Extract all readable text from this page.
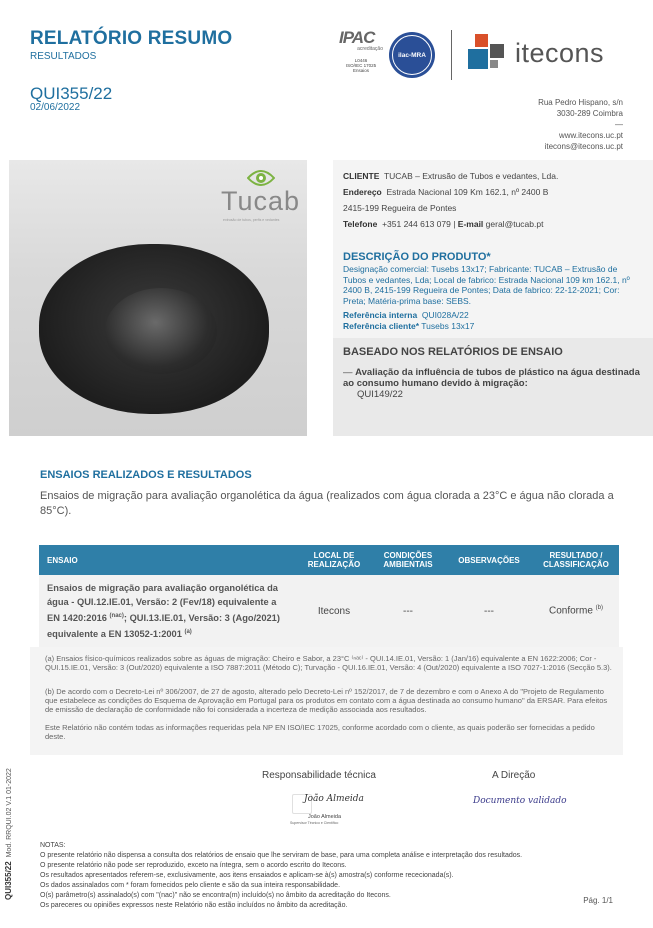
RELATÓRIO RESUMO
RESULTADOS
QUI355/22
02/06/2022
IPAC
acreditação
L0446
ISO/IEC 17025
Ensaios
ilac-MRA	itecons
Rua Pedro Hispano, s/n
3030-289 Coimbra
—
www.itecons.uc.pt
itecons@itecons.uc.pt
Tucab
extrusão de tubos, perfis e vedantes
CLIENTE TUCAB – Extrusão de Tubos e vedantes, Lda.
Endereço Estrada Nacional 109 Km 162.1, nº 2400 B
2415-199 Regueira de Pontes
Telefone +351 244 613 079 | E-mail geral@tucab.pt
DESCRIÇÃO DO PRODUTO*
Designação comercial: Tusebs 13x17; Fabricante: TUCAB – Extrusão de Tubos e vedantes, Lda; Local de fabrico: Estrada Nacional 109 km 162.1, nº 2400 B, 2415-199 Regueira de Pontes; Data de fabrico: 22-12-2021; Cor: Preta; Matéria-prima base: SEBS.
Referência interna QUI028A/22
Referência cliente* Tusebs 13x17
BASEADO NOS RELATÓRIOS DE ENSAIO
— Avaliação da influência de tubos de plástico na água destinada ao consumo humano devido à migração:
QUI149/22
ENSAIOS REALIZADOS E RESULTADOS
Ensaios de migração para avaliação organolética da água (realizados com água clorada a 23°C e água não clorada a 85°C).
ENSAIO	LOCAL DE REALIZAÇÃO	CONDIÇÕES AMBIENTAIS	OBSERVAÇÕES	RESULTADO / CLASSIFICAÇÃO
Ensaios de migração para avaliação organolética da água - QUI.12.IE.01, Versão: 2 (Fev/18) equivalente a EN 1420:2016 $^{(nac)}$; QUI.13.IE.01, Versão: 3 (Ago/2021) equivalente a EN 13052-1:2001 $^{(a)}$	Itecons	---	---	Conforme $^{(b)}$
(a) Ensaios físico-químicos realizados sobre as águas de migração: Cheiro e Sabor, a 23°C ⁽ⁿᵃᶜ⁾ - QUI.14.IE.01, Versão: 1 (Jan/16) equivalente a EN 1622:2006; Cor - QUI.15.IE.01, Versão: 3 (Out/2020) equivalente a ISO 7887:2011 (Método C); Turvação - QUI.16.IE.01, Versão: 4 (Out/2020) equivalente a ISO 7027-1:2016 (Secção 5.3).
(b) De acordo com o Decreto-Lei nº 306/2007, de 27 de agosto, alterado pelo Decreto-Lei nº 152/2017, de 7 de dezembro e com o Anexo A do "Projeto de Regulamento que estabelece as condições do Esquema de Aprovação em Portugal para os produtos em contato com a água destinada ao consumo humano" da ERSAR. Para efeitos de emissão de declaração de conformidade não foi considerada a incerteza de medição associada aos resultados.
Este Relatório não contém todas as informações requeridas pela NP EN ISO/IEC 17025, conforme acordado com o cliente, as quais poderão ser fornecidas a pedido deste.
Responsabilidade técnica
João Almeida
João Almeida
Supervisor Técnico e Científico
A Direção
Documento validado
NOTAS:
O presente relatório não dispensa a consulta dos relatórios de ensaio que lhe serviram de base, para uma completa análise e interpretação dos resultados.
O presente relatório não pode ser reproduzido, exceto na íntegra, sem o acordo escrito do Itecons.
Os resultados apresentados referem-se, exclusivamente, aos itens ensaiados e aplicam-se à(s) amostra(s) conforme rececionada(s).
Os dados assinalados com * foram fornecidos pelo cliente e são da sua inteira responsabilidade.
O(s) parâmetro(s) assinalado(s) com "(nac)" não se encontra(m) incluído(s) no âmbito da acreditação do Itecons.
Os pareceres ou opiniões expressos neste Relatório não estão incluídos no âmbito da acreditação.
Pág. 1/1
QUI355/22  Mod. RRQUI.02 V.1 01-2022
